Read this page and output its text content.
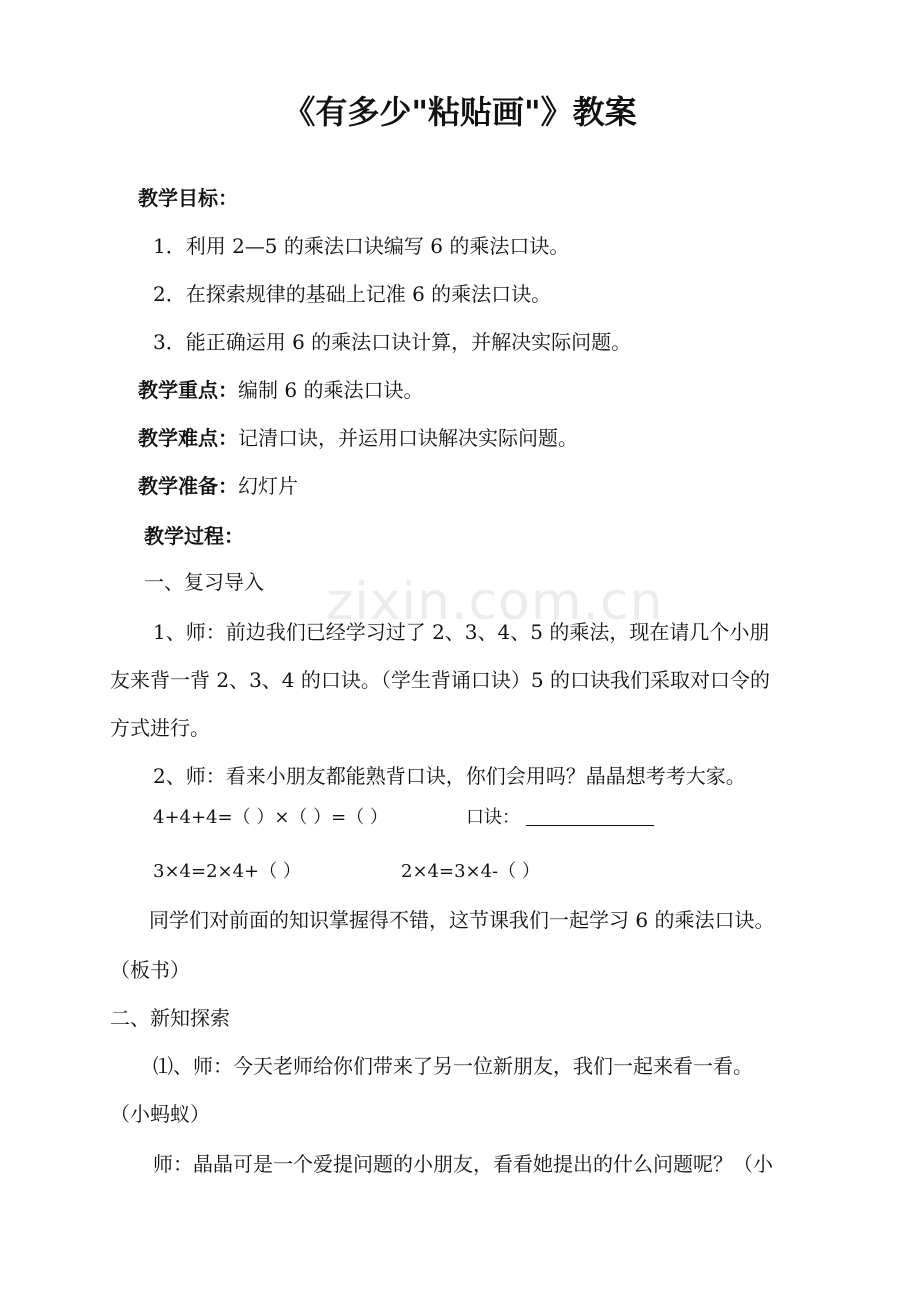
zixin.com.cn
《有多少"粘贴画"》教案
教学目标：
1．利用 2—5 的乘法口诀编写 6 的乘法口诀。
2．在探索规律的基础上记准 6 的乘法口诀。
3．能正确运用 6 的乘法口诀计算，并解决实际问题。
教学重点：编制 6 的乘法口诀。
教学难点：记清口诀，并运用口诀解决实际问题。
教学准备：幻灯片
教学过程：
一、复习导入
1、师：前边我们已经学习过了 2、3、4、5 的乘法，现在请几个小朋
友来背一背 2、3、4 的口诀。（学生背诵口诀）5 的口诀我们采取对口令的
方式进行。
2、师：看来小朋友都能熟背口诀，你们会用吗？晶晶想考考大家。
4+4+4=（ ）×（ ）=（ ）	口诀：
3×4=2×4+（ ）	2×4=3×4-（ ）
同学们对前面的知识掌握得不错，这节课我们一起学习 6 的乘法口诀。
（板书）
二、新知探索
⑴、师：今天老师给你们带来了另一位新朋友，我们一起来看一看。
（小蚂蚁）
师：晶晶可是一个爱提问题的小朋友，看看她提出的什么问题呢？（小
